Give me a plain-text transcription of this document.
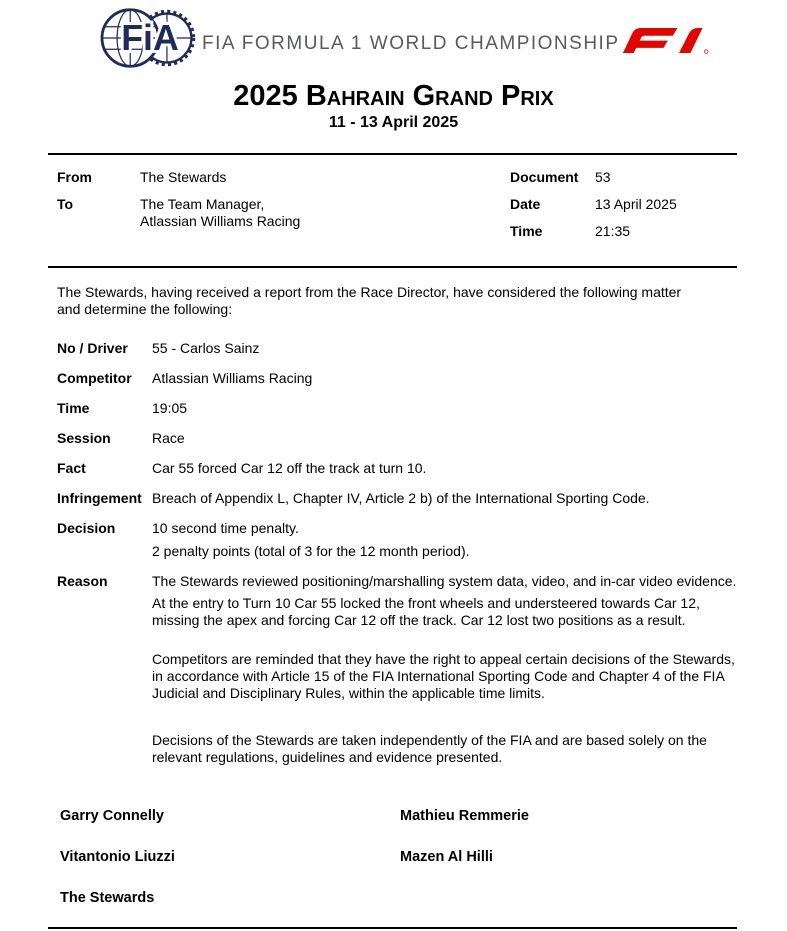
FiA FIA FORMULA 1 WORLD CHAMPIONSHIP
2025 Bahrain Grand Prix
11 - 13 April 2025
From	The Stewards
To	The Team Manager,
Atlassian Williams Racing
Document	53
Date	13 April 2025
Time	21:35
The Stewards, having received a report from the Race Director, have considered the following matter and determine the following:
No / Driver	55 - Carlos Sainz
Competitor	Atlassian Williams Racing
Time	19:05
Session	Race
Fact	Car 55 forced Car 12 off the track at turn 10.
Infringement Breach of Appendix L, Chapter IV, Article 2 b) of the International Sporting Code.
Decision	10 second time penalty.

2 penalty points (total of 3 for the 12 month period).

Reason	The Stewards reviewed positioning/marshalling system data, video, and in-car video evidence.

At the entry to Turn 10 Car 55 locked the front wheels and understeered towards Car 12, missing the apex and forcing Car 12 off the track. Car 12 lost two positions as a result.

Competitors are reminded that they have the right to appeal certain decisions of the Stewards, in accordance with Article 15 of the FIA International Sporting Code and Chapter 4 of the FIA Judicial and Disciplinary Rules, within the applicable time limits.

Decisions of the Stewards are taken independently of the FIA and are based solely on the relevant regulations, guidelines and evidence presented.

Garry Connelly	Mathieu Remmerie
Vitantonio Liuzzi	Mazen Al Hilli
The Stewards
